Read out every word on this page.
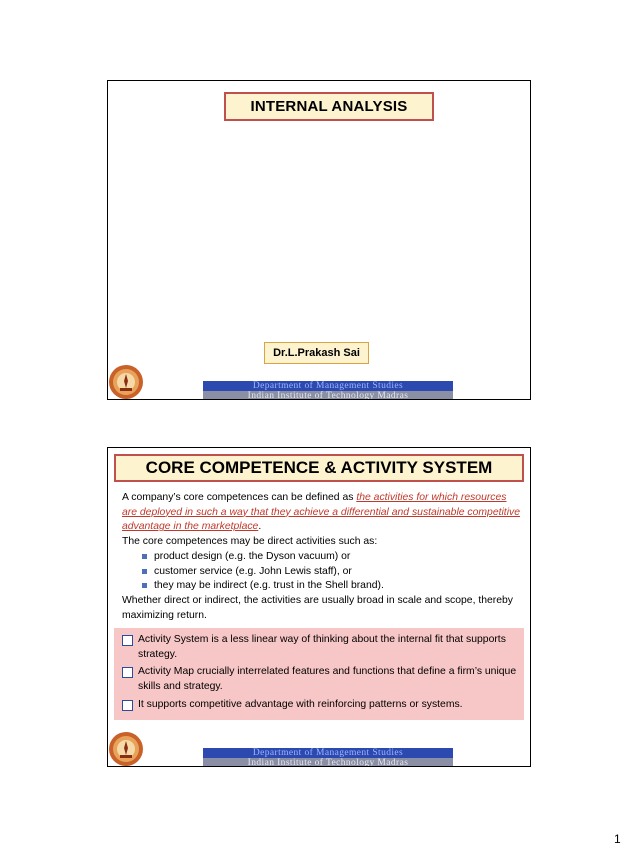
INTERNAL ANALYSIS
Dr.L.Prakash Sai
Department of Management Studies
Indian Institute of Technology Madras
CORE COMPETENCE & ACTIVITY SYSTEM

A company’s core competences can be defined as the activities for which resources are deployed in such a way that they achieve a differential and sustainable competitive advantage in the marketplace.

The core competences may be direct activities such as:

product design (e.g. the Dyson vacuum) or
customer service (e.g. John Lewis staff), or
they may be indirect (e.g. trust in the Shell brand).

Whether direct or indirect, the activities are usually broad in scale and scope, thereby maximizing return.

Activity System is a less linear way of thinking about the internal fit that supports strategy.
Activity Map crucially interrelated features and functions that define a firm’s unique skills and strategy.
It supports competitive advantage with reinforcing patterns or systems.
Department of Management Studies
Indian Institute of Technology Madras
1
